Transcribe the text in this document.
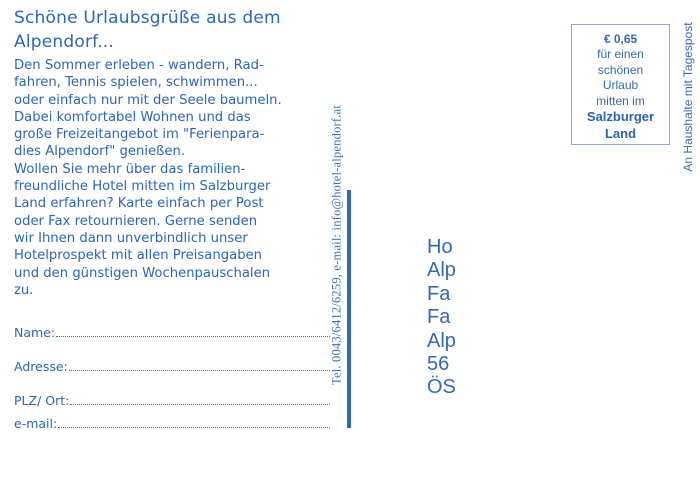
Schöne Urlaubsgrüße aus dem
Alpendorf...
Den Sommer erleben - wandern, Rad-
fahren, Tennis spielen, schwimmen...
oder einfach nur mit der Seele baumeln.
Dabei komfortabel Wohnen und das
große Freizeitangebot im "Ferienpara-
dies Alpendorf" genießen.
Wollen Sie mehr über das familien-
freundliche Hotel mitten im Salzburger
Land erfahren? Karte einfach per Post
oder Fax retournieren. Gerne senden
wir Ihnen dann unverbindlich unser
Hotelprospekt mit allen Preisangaben
und den günstigen Wochenpauschalen
zu.
Name:
Adresse:
PLZ/ Ort:
e-mail:
Tel. 0043/6412/6259, e-mail: info@hotel-alpendorf.at	Ho
Alp
Fa
Fa
Alp
56
ÖS
€ 0,65
für einen
schönen
Urlaub
mitten im
Salzburger
Land	An Haushalte mit Tagespost
